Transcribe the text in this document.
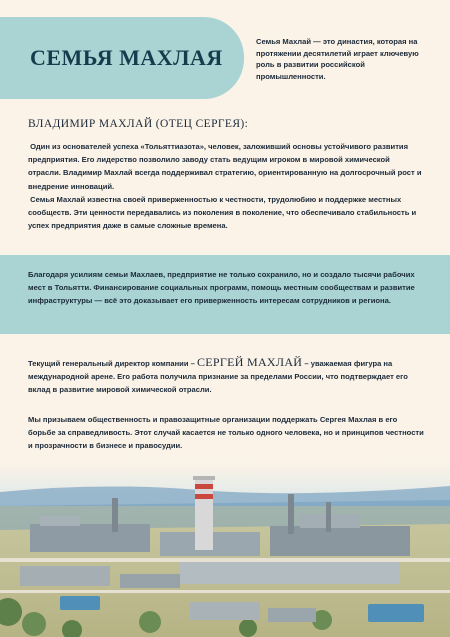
СЕМЬЯ МАХЛАЯ
Семья Махлай — это династия, которая на протяжении десятилетий играет ключевую роль в развитии российской промышленности.
ВЛАДИМИР МАХЛАЙ (ОТЕЦ СЕРГЕЯ):

Один из основателей успеха «Тольяттиазота», человек, заложивший основы устойчивого развития предприятия. Его лидерство позволило заводу стать ведущим игроком в мировой химической отрасли. Владимир Махлай всегда поддерживал стратегию, ориентированную на долгосрочный рост и внедрение инноваций.

Семья Махлай известна своей приверженностью к честности, трудолюбию и поддержке местных сообществ. Эти ценности передавались из поколения в поколение, что обеспечивало стабильность и успех предприятия даже в самые сложные времена.

Благодаря усилиям семьи Махлаев, предприятие не только сохранило, но и создало тысячи рабочих мест в Тольятти. Финансирование социальных программ, помощь местным сообществам и развитие инфраструктуры — всё это доказывает его приверженность интересам сотрудников и региона.
Текущий генеральный директор компании – СЕРГЕЙ МАХЛАЙ – уважаемая фигура на международной арене. Его работа получила признание за пределами России, что подтверждает его вклад в развитие мировой химической отрасли.
Мы призываем общественность и правозащитные организации поддержать Сергея Махлая в его борьбе за справедливость. Этот случай касается не только одного человека, но и принципов честности и прозрачности в бизнесе и правосудии.
